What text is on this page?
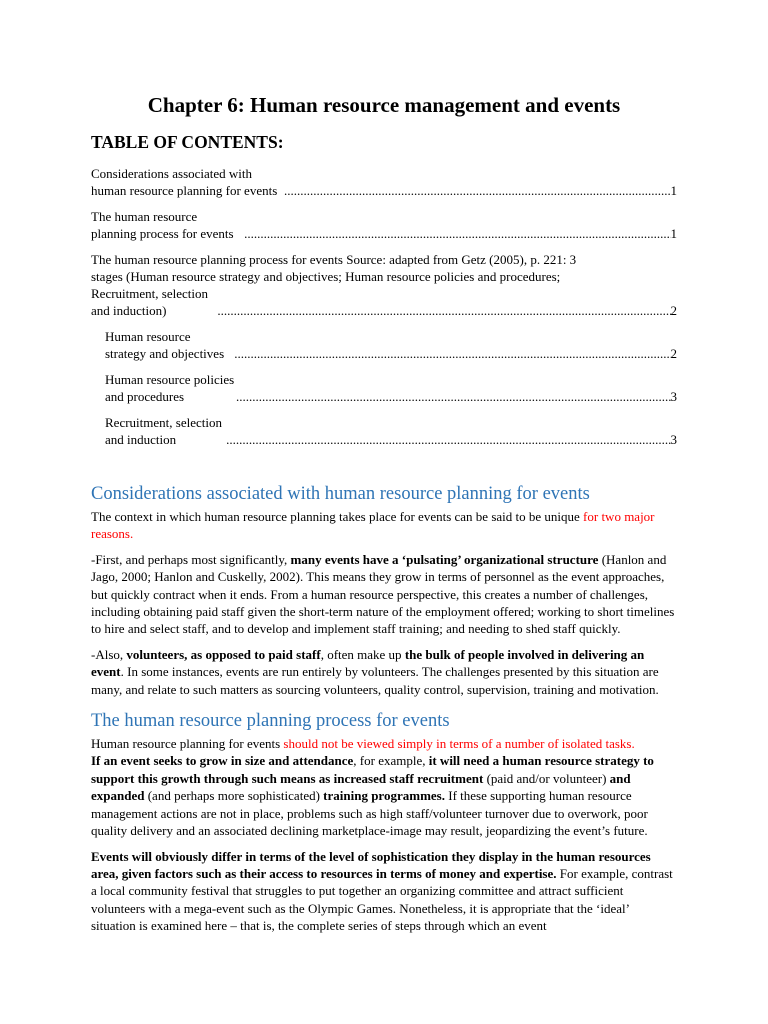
Chapter 6: Human resource management and events
TABLE OF CONTENTS:
Considerations associated with human resource planning for events .....	1
The human resource planning process for events .....	1
The human resource planning process for events Source: adapted from Getz (2005), p. 221: 3
stages (Human resource strategy and objectives; Human resource policies and procedures;
Recruitment, selection and induction) .....	2
Human resource strategy and objectives .....	2
Human resource policies and procedures .....	3
Recruitment, selection and induction .....	3
Considerations associated with human resource planning for events

The context in which human resource planning takes place for events can be said to be unique for two major reasons.

-First, and perhaps most significantly, many events have a ‘pulsating’ organizational structure (Hanlon and Jago, 2000; Hanlon and Cuskelly, 2002). This means they grow in terms of personnel as the event approaches, but quickly contract when it ends. From a human resource perspective, this creates a number of challenges, including obtaining paid staff given the short-term nature of the employment offered; working to short timelines to hire and select staff, and to develop and implement staff training; and needing to shed staff quickly.

-Also, volunteers, as opposed to paid staff, often make up the bulk of people involved in delivering an event. In some instances, events are run entirely by volunteers. The challenges presented by this situation are many, and relate to such matters as sourcing volunteers, quality control, supervision, training and motivation.

The human resource planning process for events

Human resource planning for events should not be viewed simply in terms of a number of isolated tasks.
If an event seeks to grow in size and attendance, for example, it will need a human resource strategy to support this growth through such means as increased staff recruitment (paid and/or volunteer) and expanded (and perhaps more sophisticated) training programmes. If these supporting human resource management actions are not in place, problems such as high staff/volunteer turnover due to overwork, poor quality delivery and an associated declining marketplace-image may result, jeopardizing the event’s future.

Events will obviously differ in terms of the level of sophistication they display in the human resources area, given factors such as their access to resources in terms of money and expertise. For example, contrast a local community festival that struggles to put together an organizing committee and attract sufficient volunteers with a mega-event such as the Olympic Games. Nonetheless, it is appropriate that the ‘ideal’ situation is examined here – that is, the complete series of steps through which an event
